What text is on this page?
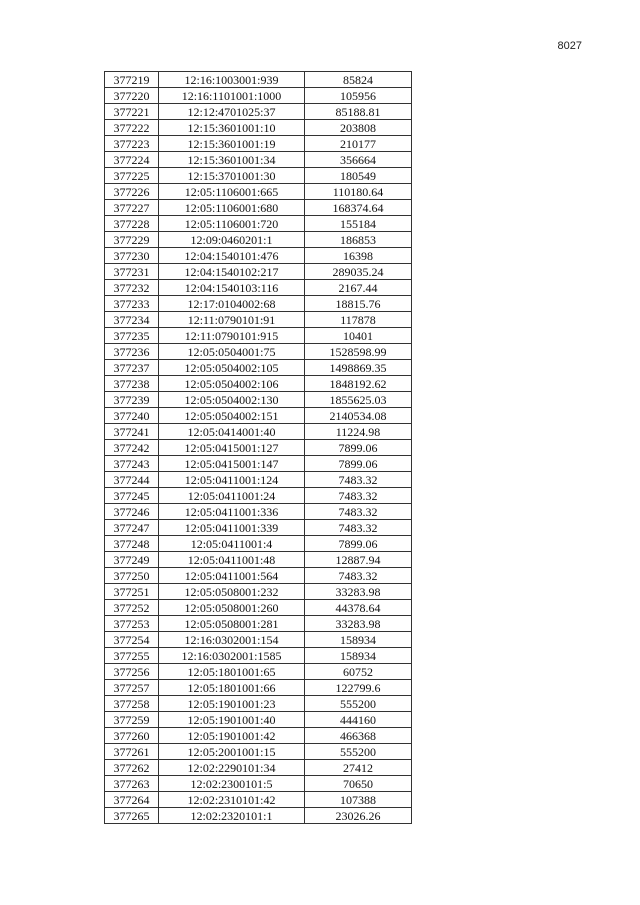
8027
377219	12:16:1003001:939	85824
377220	12:16:1101001:1000	105956
377221	12:12:4701025:37	85188.81
377222	12:15:3601001:10	203808
377223	12:15:3601001:19	210177
377224	12:15:3601001:34	356664
377225	12:15:3701001:30	180549
377226	12:05:1106001:665	110180.64
377227	12:05:1106001:680	168374.64
377228	12:05:1106001:720	155184
377229	12:09:0460201:1	186853
377230	12:04:1540101:476	16398
377231	12:04:1540102:217	289035.24
377232	12:04:1540103:116	2167.44
377233	12:17:0104002:68	18815.76
377234	12:11:0790101:91	117878
377235	12:11:0790101:915	10401
377236	12:05:0504001:75	1528598.99
377237	12:05:0504002:105	1498869.35
377238	12:05:0504002:106	1848192.62
377239	12:05:0504002:130	1855625.03
377240	12:05:0504002:151	2140534.08
377241	12:05:0414001:40	11224.98
377242	12:05:0415001:127	7899.06
377243	12:05:0415001:147	7899.06
377244	12:05:0411001:124	7483.32
377245	12:05:0411001:24	7483.32
377246	12:05:0411001:336	7483.32
377247	12:05:0411001:339	7483.32
377248	12:05:0411001:4	7899.06
377249	12:05:0411001:48	12887.94
377250	12:05:0411001:564	7483.32
377251	12:05:0508001:232	33283.98
377252	12:05:0508001:260	44378.64
377253	12:05:0508001:281	33283.98
377254	12:16:0302001:154	158934
377255	12:16:0302001:1585	158934
377256	12:05:1801001:65	60752
377257	12:05:1801001:66	122799.6
377258	12:05:1901001:23	555200
377259	12:05:1901001:40	444160
377260	12:05:1901001:42	466368
377261	12:05:2001001:15	555200
377262	12:02:2290101:34	27412
377263	12:02:2300101:5	70650
377264	12:02:2310101:42	107388
377265	12:02:2320101:1	23026.26
